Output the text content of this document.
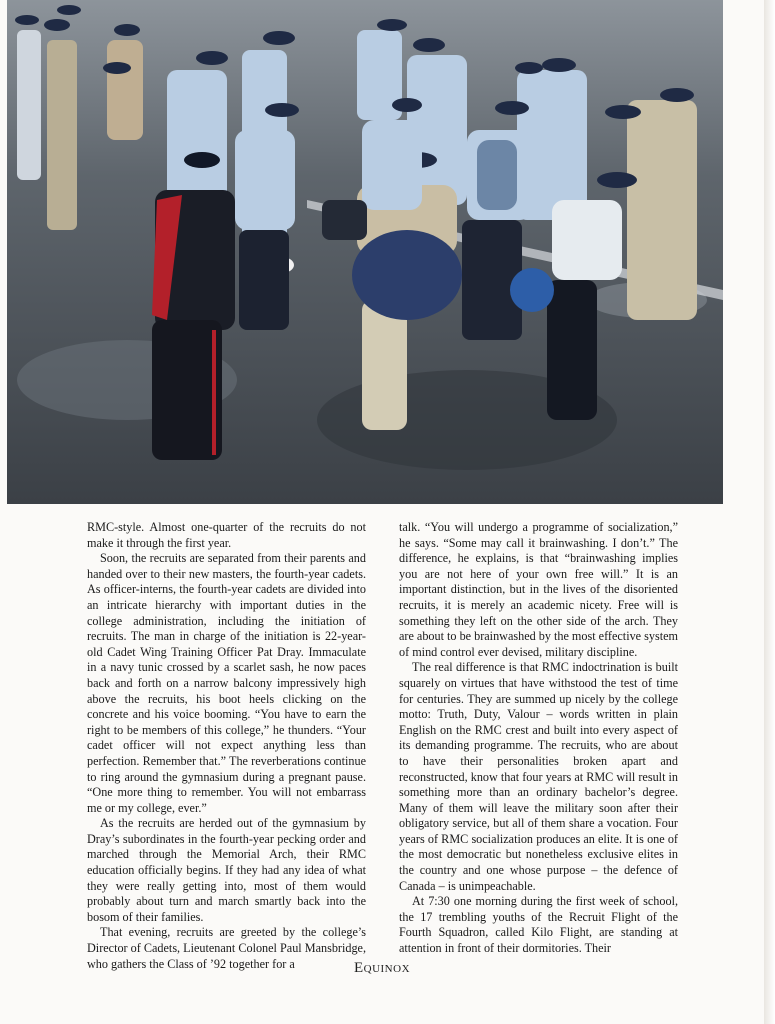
RMC-style. Almost one-quarter of the recruits do not make it through the first year.

Soon, the recruits are separated from their parents and handed over to their new masters, the fourth-year cadets. As officer-interns, the fourth-year cadets are divided into an intricate hierarchy with important duties in the college administration, including the initiation of recruits. The man in charge of the initiation is 22-year-old Cadet Wing Training Officer Pat Dray. Immaculate in a navy tunic crossed by a scarlet sash, he now paces back and forth on a narrow balcony impressively high above the recruits, his boot heels clicking on the concrete and his voice booming. “You have to earn the right to be members of this college,” he thunders. “Your cadet officer will not expect anything less than perfection. Remember that.” The reverberations continue to ring around the gymnasium during a pregnant pause. “One more thing to remember. You will not embarrass me or my college, ever.”

As the recruits are herded out of the gymnasium by Dray’s subordinates in the fourth-year pecking order and marched through the Memorial Arch, their RMC education officially begins. If they had any idea of what they were really getting into, most of them would probably about turn and march smartly back into the bosom of their families.

That evening, recruits are greeted by the college’s Director of Cadets, Lieutenant Colonel Paul Mansbridge, who gathers the Class of ’92 together for a

talk. “You will undergo a programme of socialization,” he says. “Some may call it brainwashing. I don’t.” The difference, he explains, is that “brainwashing implies you are not here of your own free will.” It is an important distinction, but in the lives of the disoriented recruits, it is merely an academic nicety. Free will is something they left on the other side of the arch. They are about to be brainwashed by the most effective system of mind control ever devised, military discipline.

The real difference is that RMC indoctrination is built squarely on virtues that have withstood the test of time for centuries. They are summed up nicely by the college motto: Truth, Duty, Valour – words written in plain English on the RMC crest and built into every aspect of its demanding programme. The recruits, who are about to have their personalities broken apart and reconstructed, know that four years at RMC will result in something more than an ordinary bachelor’s degree. Many of them will leave the military soon after their obligatory service, but all of them share a vocation. Four years of RMC socialization produces an elite. It is one of the most democratic but nonetheless exclusive elites in the country and one whose purpose – the defence of Canada – is unimpeachable.

At 7:30 one morning during the first week of school, the 17 trembling youths of the Recruit Flight of the Fourth Squadron, called Kilo Flight, are standing at attention in front of their dormitories. Their

Equinox
